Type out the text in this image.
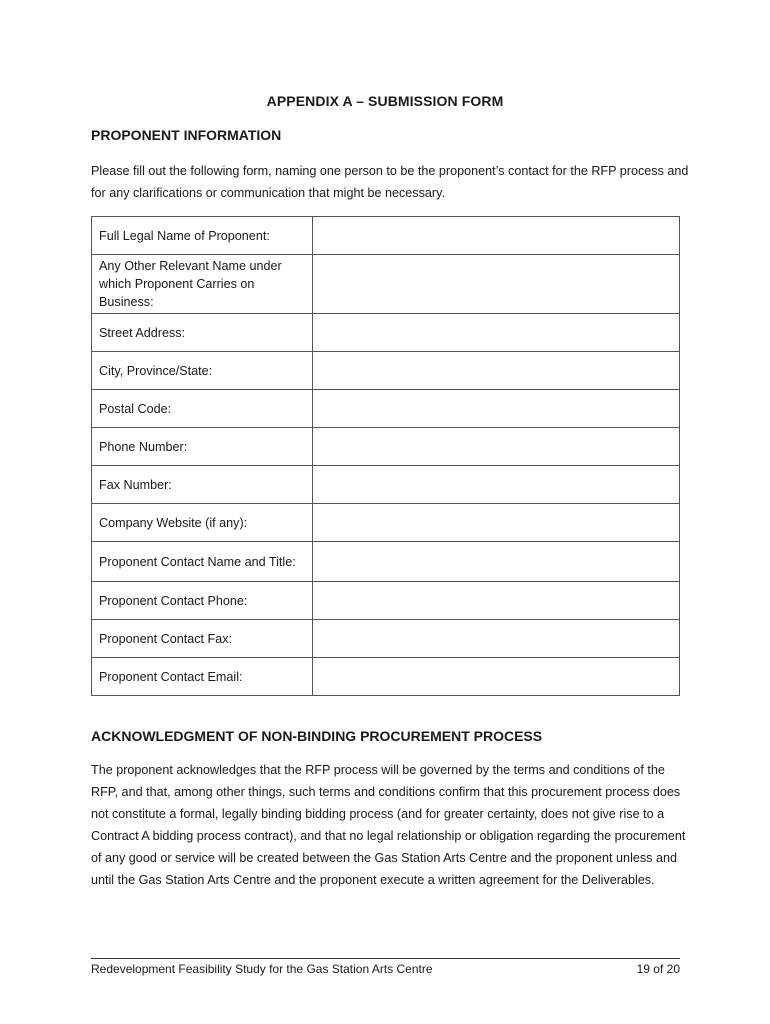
APPENDIX A – SUBMISSION FORM
PROPONENT INFORMATION
Please fill out the following form, naming one person to be the proponent’s contact for the RFP process and for any clarifications or communication that might be necessary.
Full Legal Name of Proponent:	
Any Other Relevant Name under which Proponent Carries on Business:	
Street Address:	
City, Province/State:	
Postal Code:	
Phone Number:	
Fax Number:	
Company Website (if any):	
Proponent Contact Name and Title:	
Proponent Contact Phone:	
Proponent Contact Fax:	
Proponent Contact Email:	
ACKNOWLEDGMENT OF NON-BINDING PROCUREMENT PROCESS
The proponent acknowledges that the RFP process will be governed by the terms and conditions of the RFP, and that, among other things, such terms and conditions confirm that this procurement process does not constitute a formal, legally binding bidding process (and for greater certainty, does not give rise to a Contract A bidding process contract), and that no legal relationship or obligation regarding the procurement of any good or service will be created between the Gas Station Arts Centre and the proponent unless and until the Gas Station Arts Centre and the proponent execute a written agreement for the Deliverables.
Redevelopment Feasibility Study for the Gas Station Arts Centre	19 of 20
